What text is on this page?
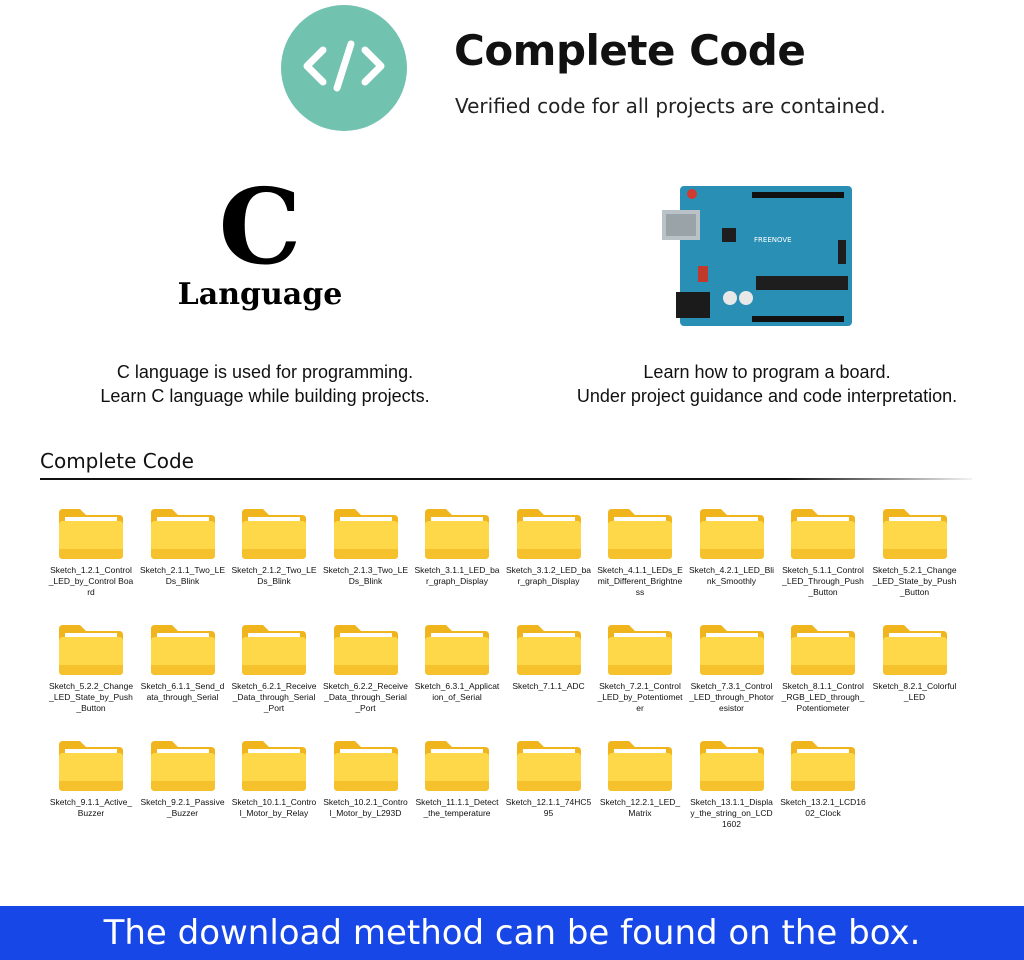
Complete Code
Verified code for all projects are contained.
C
Language
C language is used for programming.
Learn C language while building projects.
FREENOVE
Learn how to program a board.
Under project guidance and code interpretation.
Complete Code
Sketch_1.2.1_Control_LED_by_Control Board
Sketch_2.1.1_Two_LEDs_Blink
Sketch_2.1.2_Two_LEDs_Blink
Sketch_2.1.3_Two_LEDs_Blink
Sketch_3.1.1_LED_bar_graph_Display
Sketch_3.1.2_LED_bar_graph_Display
Sketch_4.1.1_LEDs_Emit_Different_Brightness
Sketch_4.2.1_LED_Blink_Smoothly
Sketch_5.1.1_Control_LED_Through_Push_Button
Sketch_5.2.1_Change_LED_State_by_Push_Button
Sketch_5.2.2_Change_LED_State_by_Push_Button
Sketch_6.1.1_Send_data_through_Serial
Sketch_6.2.1_Receive_Data_through_Serial_Port
Sketch_6.2.2_Receive_Data_through_Serial_Port
Sketch_6.3.1_Application_of_Serial
Sketch_7.1.1_ADC	Sketch_7.2.1_Control_LED_by_Potentiometer
Sketch_7.3.1_Control_LED_through_Photoresistor
Sketch_8.1.1_Control_RGB_LED_through_Potentiometer
Sketch_8.2.1_Colorful_LED
Sketch_9.1.1_Active_Buzzer
Sketch_9.2.1_Passive_Buzzer
Sketch_10.1.1_Control_Motor_by_Relay
Sketch_10.2.1_Control_Motor_by_L293D
Sketch_11.1.1_Detect_the_temperature
Sketch_12.1.1_74HC595
Sketch_12.2.1_LED_Matrix
Sketch_13.1.1_Display_the_string_on_LCD1602
Sketch_13.2.1_LCD1602_Clock
The download method can be found on the box.
